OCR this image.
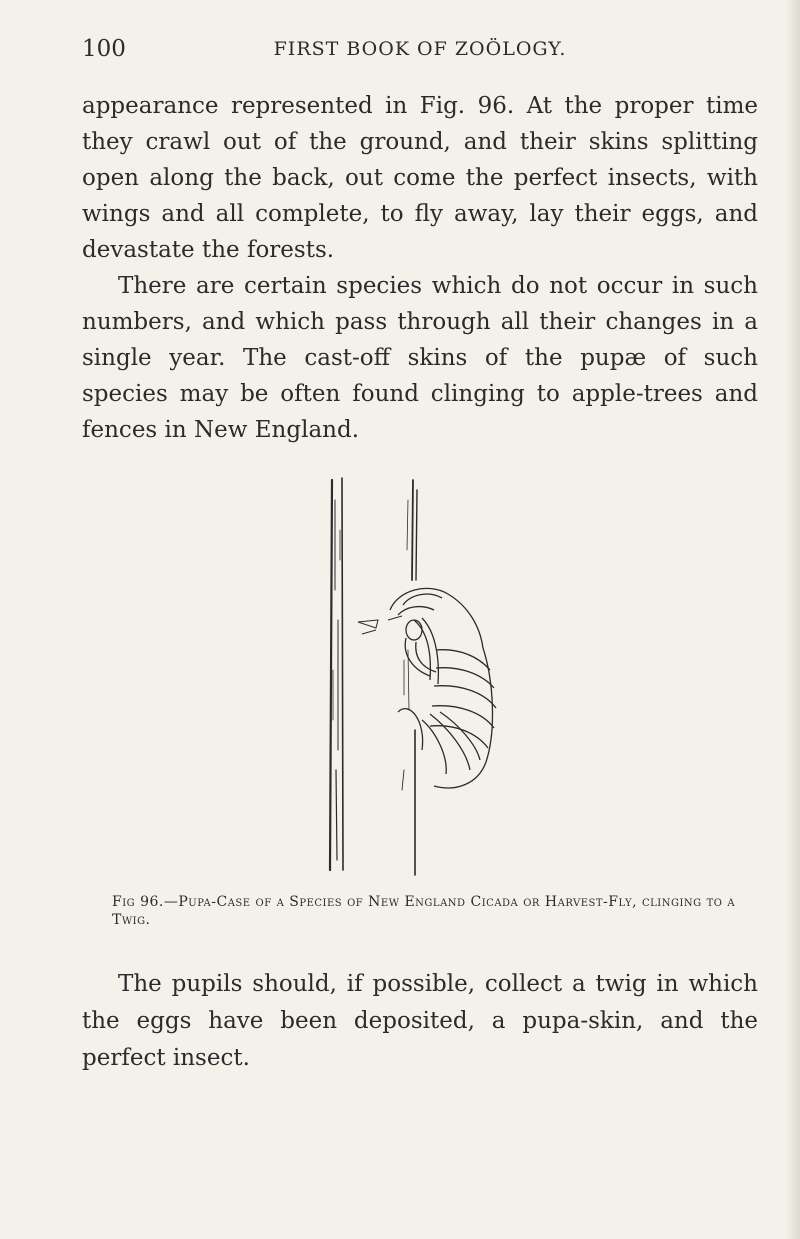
100	FIRST BOOK OF ZOÖLOGY.

appearance represented in Fig. 96. At the proper time they crawl out of the ground, and their skins splitting open along the back, out come the perfect insects, with wings and all complete, to fly away, lay their eggs, and devastate the forests.

There are certain species which do not occur in such numbers, and which pass through all their changes in a single year. The cast-off skins of the pupæ of such species may be often found clinging to apple-trees and fences in New England.

Fig 96.—Pupa-Case of a Species of New England Cicada or Harvest-Fly, clinging to a Twig.

The pupils should, if possible, collect a twig in which the eggs have been deposited, a pupa-skin, and the perfect insect.
